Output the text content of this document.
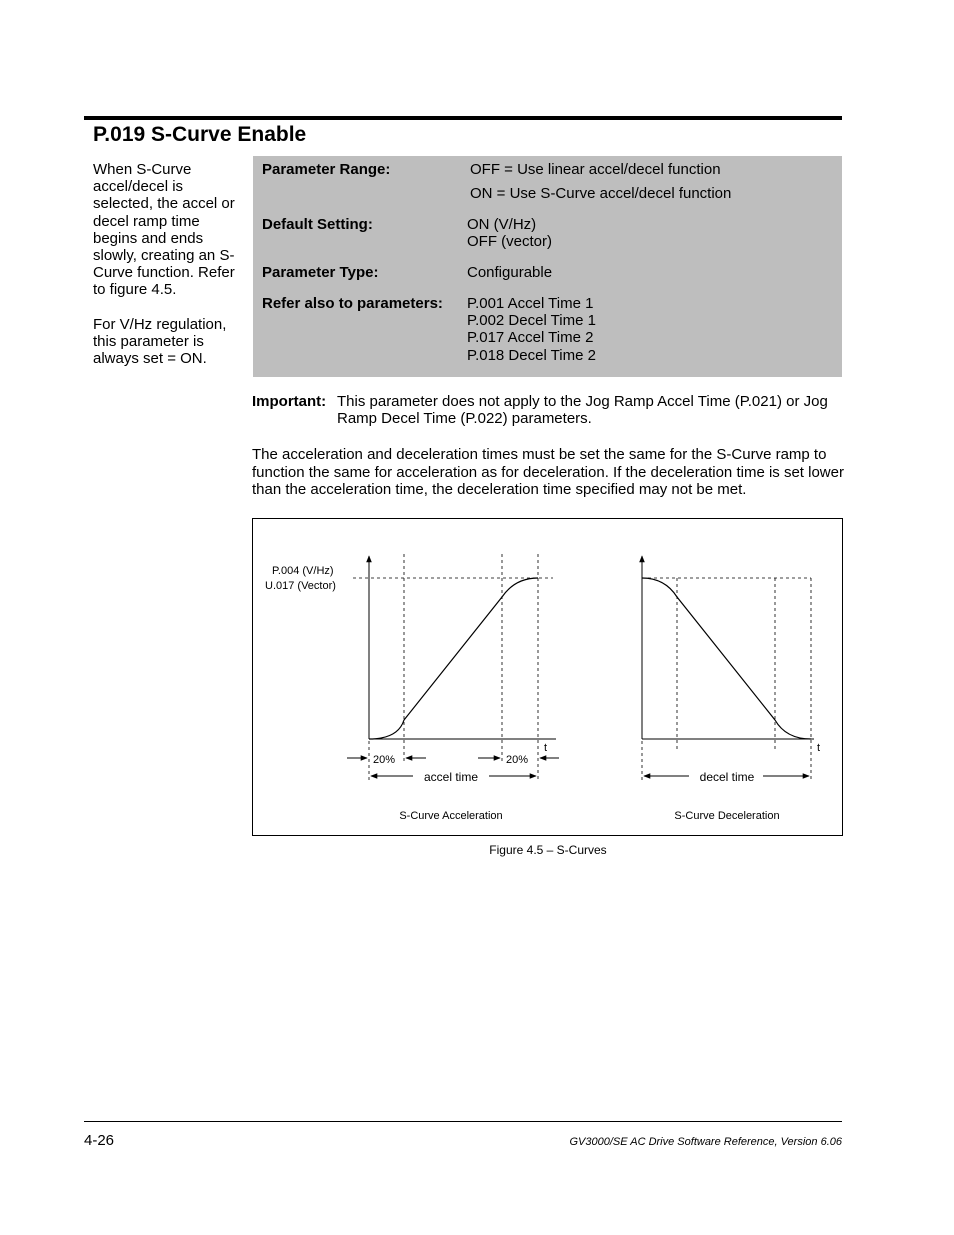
P.019 S-Curve Enable

When S-Curve accel/decel is selected, the accel or decel ramp time begins and ends slowly, creating an S-Curve function. Refer to figure 4.5.

For V/Hz regulation, this parameter is always set = ON.

Parameter Range:	OFF = Use linear accel/decel function
ON = Use S-Curve accel/decel function
Default Setting:	ON (V/Hz)
OFF (vector)
Parameter Type:	Configurable
Refer also to parameters: P.001 Accel Time 1
P.002 Decel Time 1
P.017 Accel Time 2
P.018 Decel Time 2
Important: This parameter does not apply to the Jog Ramp Accel Time (P.021) or Jog Ramp Decel Time (P.022) parameters.
The acceleration and deceleration times must be set the same for the S-Curve ramp to function the same for acceleration as for deceleration. If the deceleration time is set lower than the acceleration time, the deceleration time specified may not be met.
P.004 (V/Hz)
U.017 (Vector)
t
20%	20%
accel time
S-Curve Acceleration
t
decel time
S-Curve Deceleration
Figure 4.5 – S-Curves
4-26	GV3000/SE AC Drive Software Reference, Version 6.06
